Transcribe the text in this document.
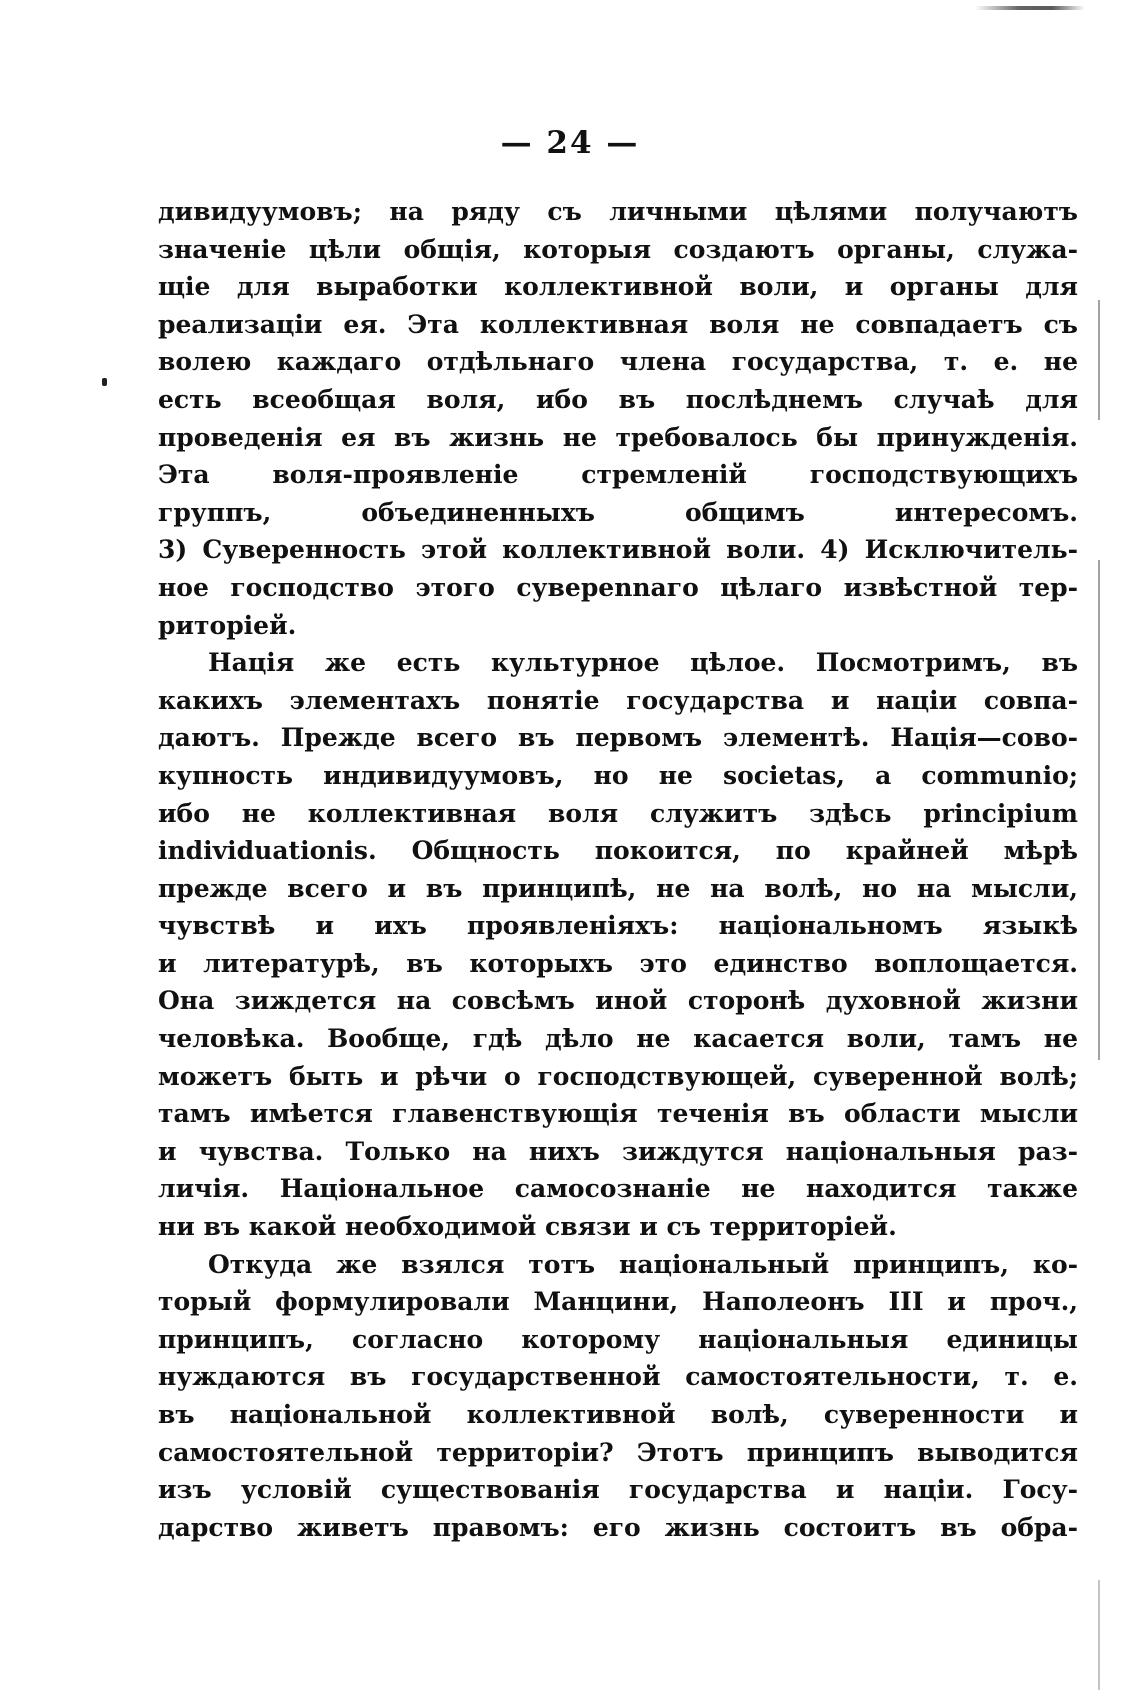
— 24 —
дивидуумовъ; на ряду съ личными цѣлями получаютъ
значеніе цѣли общія, которыя создаютъ органы, служа-
щіе для выработки коллективной воли, и органы для
реализаціи ея. Эта коллективная воля не совпадаетъ съ
волею каждаго отдѣльнаго члена государства, т. е. не
есть всеобщая воля, ибо въ послѣднемъ случаѣ для
проведенія ея въ жизнь не требовалось бы принужденія.
Эта воля-проявленіе стремленій господствующихъ
группъ, объединенныхъ общимъ интересомъ.
3) Суверенность этой коллективной воли. 4) Исключитель-
ное господство этого суверennaго цѣлаго извѣстной тер-
риторіей.
Нація же есть культурное цѣлое. Посмотримъ, въ
какихъ элементахъ понятіе государства и націи совпа-
даютъ. Прежде всего въ первомъ элементѣ. Нація—сово-
купность индивидуумовъ, но не societas, а communio;
ибо не коллективная воля служитъ здѣсь principium
individuationis. Общность покоится, по крайней мѣрѣ
прежде всего и въ принципѣ, не на волѣ, но на мысли,
чувствѣ и ихъ проявленіяхъ: національномъ языкѣ
и литературѣ, въ которыхъ это единство воплощается.
Она зиждется на совсѣмъ иной сторонѣ духовной жизни
человѣка. Вообще, гдѣ дѣло не касается воли, тамъ не
можетъ быть и рѣчи о господствующей, суверенной волѣ;
тамъ имѣется главенствующія теченія въ области мысли
и чувства. Только на нихъ зиждутся національныя раз-
личія. Національное самосознаніе не находится также
ни въ какой необходимой связи и съ территоріей.
Откуда же взялся тотъ національный принципъ, ко-
торый формулировали Манцини, Наполеонъ III и проч.,
принципъ, согласно которому національныя единицы
нуждаются въ государственной самостоятельности, т. е.
въ національной коллективной волѣ, суверенности и
самостоятельной территоріи? Этотъ принципъ выводится
изъ условій существованія государства и націи. Госу-
дарство живетъ правомъ: его жизнь состоитъ въ обра-
